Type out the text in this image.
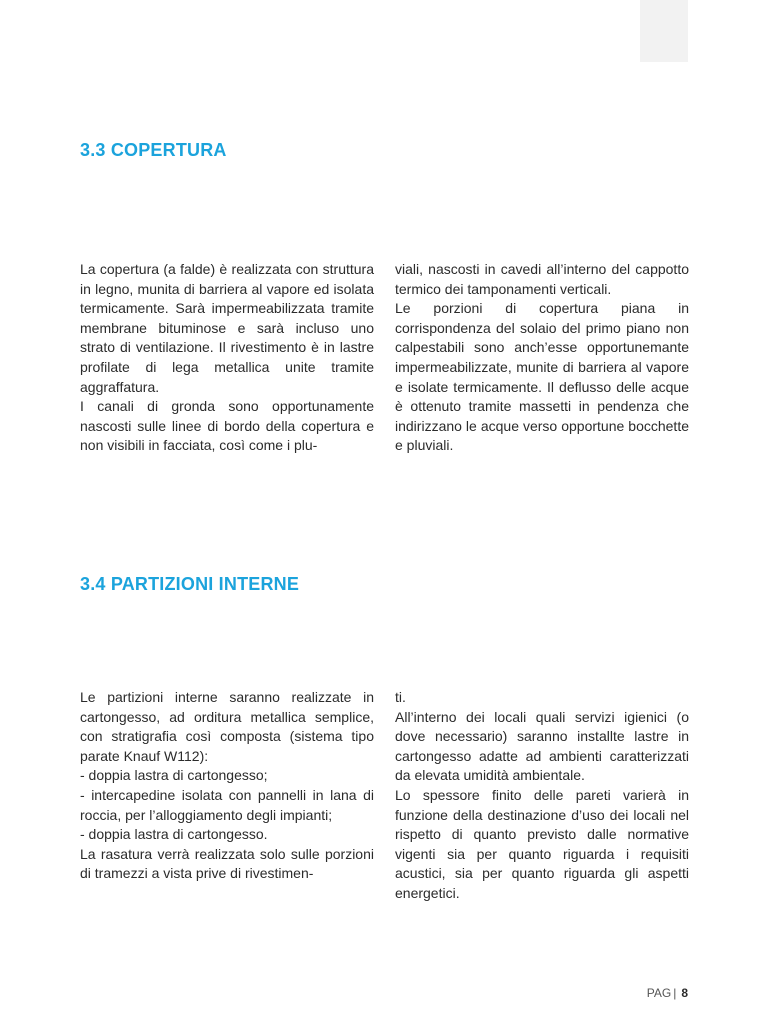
3.3 COPERTURA

La copertura (a falde) è realizzata con struttura in legno, munita di barriera al vapore ed isolata termicamente. Sarà impermeabilizzata tramite membrane bituminose e sarà incluso uno strato di ventilazione. Il rivestimento è in lastre profilate di lega metallica unite tramite aggraffatura.

I canali di gronda sono opportunamente nascosti sulle linee di bordo della copertura e non visibili in facciata, così come i plu-

viali, nascosti in cavedi all’interno del cappotto termico dei tamponamenti verticali.

Le porzioni di copertura piana in corrispondenza del solaio del primo piano non calpestabili sono anch’esse opportunemante impermeabilizzate, munite di barriera al vapore e isolate termicamente. Il deflusso delle acque è ottenuto tramite massetti in pendenza che indirizzano le acque verso opportune bocchette e pluviali.

3.4 PARTIZIONI INTERNE

Le partizioni interne saranno realizzate in cartongesso, ad orditura metallica semplice, con stratigrafia così composta (sistema tipo parate Knauf W112):

- doppia lastra di cartongesso;

- intercapedine isolata con pannelli in lana di roccia, per l’alloggiamento degli impianti;

- doppia lastra di cartongesso.

La rasatura verrà realizzata solo sulle porzioni di tramezzi a vista prive di rivestimen-

ti.

All’interno dei locali quali servizi igienici (o dove necessario) saranno installte lastre in cartongesso adatte ad ambienti caratterizzati da elevata umidità ambientale.

Lo spessore finito delle pareti varierà in funzione della destinazione d’uso dei locali nel rispetto di quanto previsto dalle normative vigenti sia per quanto riguarda i requisiti acustici, sia per quanto riguarda gli aspetti energetici.

PAG | 8
